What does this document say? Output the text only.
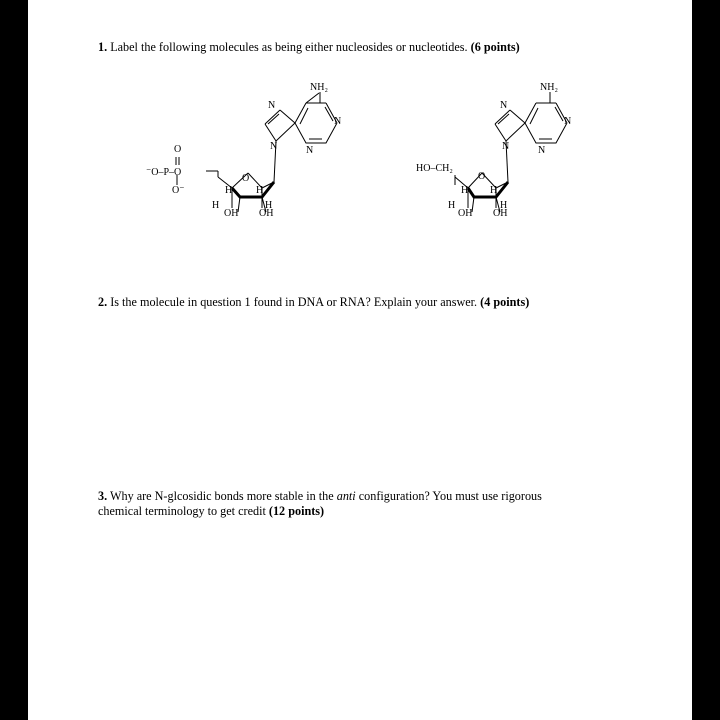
1. Label the following molecules as being either nucleosides or nucleotides. (6 points)
2. Is the molecule in question 1 found in DNA or RNA? Explain your answer. (4 points)
3. Why are N-glcosidic bonds more stable in the anti configuration? You must use rigorous chemical terminology to get credit (12 points)
NH₂
N
N
N
N
O
⁻O–P–O
O⁻
O
H H
H	H
OH OH
NH₂
N
N
N
N
HO–CH₂
O
H H
H	H
OH OH
